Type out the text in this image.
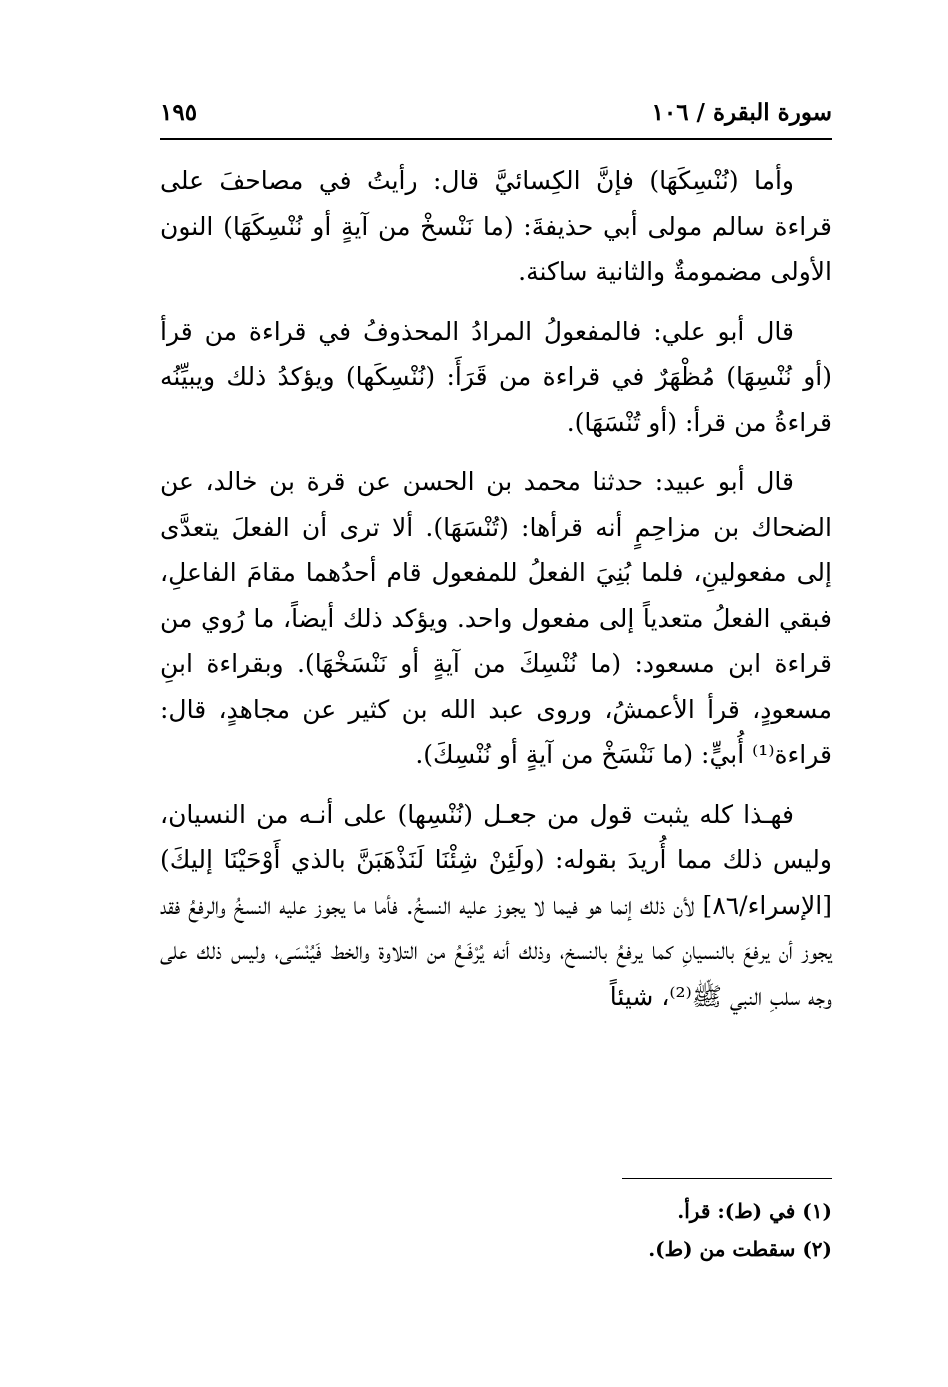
سورة البقرة / ١٠٦
١٩٥

وأما (نُنْسِكَهَا) فإنَّ الكِسائيَّ قال: رأيتُ في مصاحفَ على قراءة سالم مولى أبي حذيفةَ: (ما نَنْسخْ من آيةٍ أو نُنْسِكَهَا) النون الأولى مضمومةٌ والثانية ساكنة.

قال أبو علي: فالمفعولُ المرادُ المحذوفُ في قراءة من قرأ (أو نُنْسِهَا) مُظْهَرٌ في قراءة من قَرَأَ: (نُنْسِكَها) ويؤكدُ ذلك ويبيِّنُه قراءةُ من قرأ: (أو تُنْسَهَا).

قال أبو عبيد: حدثنا محمد بن الحسن عن قرة بن خالد، عن الضحاك بن مزاحِمٍ أنه قرأها: (تُنْسَهَا). ألا ترى أن الفعلَ يتعدَّى إلى مفعولينِ، فلما بُنِيَ الفعلُ للمفعول قام أحدُهما مقامَ الفاعلِ، فبقي الفعلُ متعدياً إلى مفعول واحد. ويؤكد ذلك أيضاً، ما رُوي من قراءة ابن مسعود: (ما نُنْسِكَ من آيةٍ أو نَنْسَخْهَا). وبقراءة ابنِ مسعودٍ، قرأ الأعمشُ، وروى عبد الله بن كثير عن مجاهدٍ، قال: قراءة⁽¹⁾ أُبيٍّ: (ما نَنْسَخْ من آيةٍ أو نُنْسِكَ).

فهـذا كله يثبت قول من جعـل (نُنْسِها) على أنـه من النسيان، وليس ذلك مما أُريدَ بقوله: (ولَئِنْ شِئْنَا لَنَذْهَبَنَّ بالذي أَوْحَيْنَا إليكَ) [الإسراء/٨٦] لأن ذلك إنما هو فيما لا يجوز عليه النسخُ. فأما ما يجوز عليه النسخُ والرفعُ فقد يجوز أن يرفعَ بالنسيانِ كما يرفعُ بالنسخ، وذلك أنه يُرْفَـعُ من التلاوة والخط فَيُنْسَى، وليس ذلك على وجه سلبِ النبي ﷺ⁽²⁾، شيئاً

(١) في (ط): قرأ.

(٢) سقطت من (ط).
